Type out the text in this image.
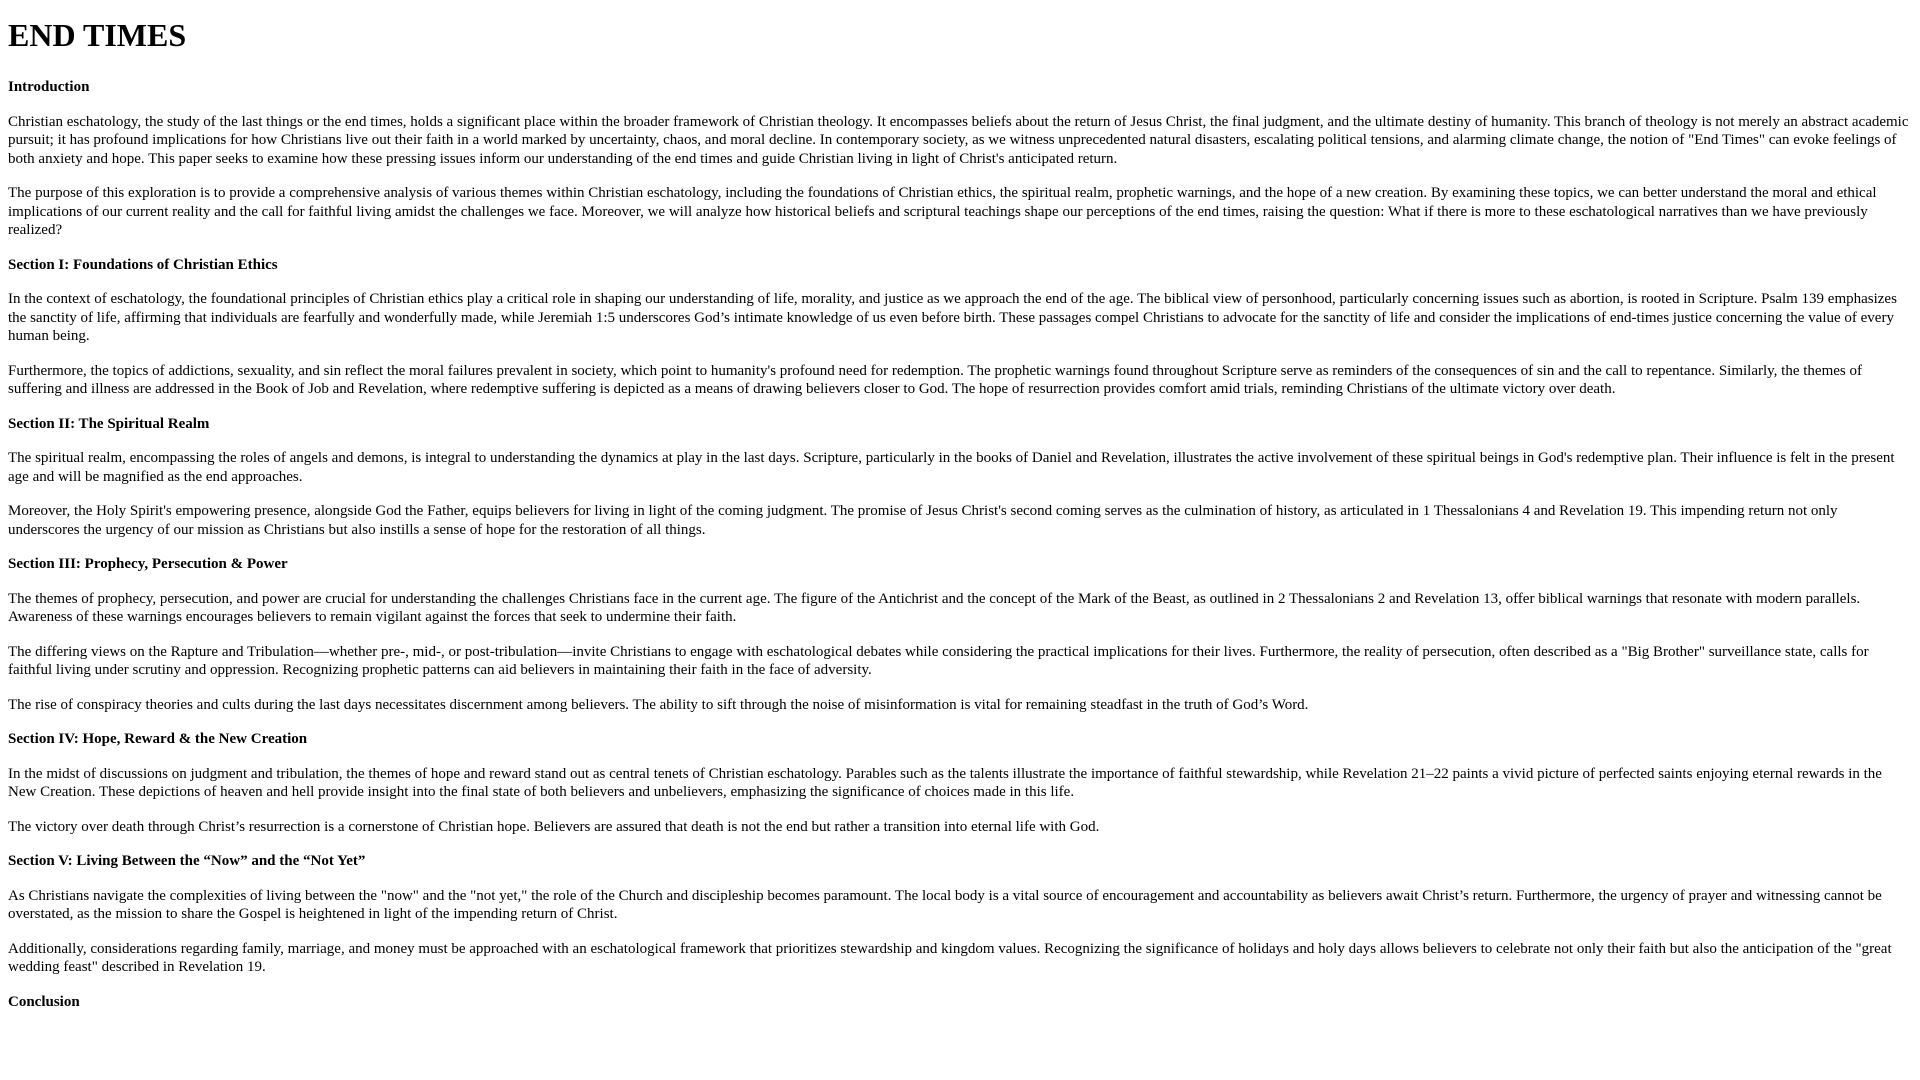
END TIMES

Introduction

Christian eschatology, the study of the last things or the end times, holds a significant place within the broader framework of Christian theology. It encompasses beliefs about the return of Jesus Christ, the final judgment, and the ultimate destiny of humanity. This branch of theology is not merely an abstract academic pursuit; it has profound implications for how Christians live out their faith in a world marked by uncertainty, chaos, and moral decline. In contemporary society, as we witness unprecedented natural disasters, escalating political tensions, and alarming climate change, the notion of "End Times" can evoke feelings of both anxiety and hope. This paper seeks to examine how these pressing issues inform our understanding of the end times and guide Christian living in light of Christ's anticipated return.

The purpose of this exploration is to provide a comprehensive analysis of various themes within Christian eschatology, including the foundations of Christian ethics, the spiritual realm, prophetic warnings, and the hope of a new creation. By examining these topics, we can better understand the moral and ethical implications of our current reality and the call for faithful living amidst the challenges we face. Moreover, we will analyze how historical beliefs and scriptural teachings shape our perceptions of the end times, raising the question: What if there is more to these eschatological narratives than we have previously realized?

Section I: Foundations of Christian Ethics

In the context of eschatology, the foundational principles of Christian ethics play a critical role in shaping our understanding of life, morality, and justice as we approach the end of the age. The biblical view of personhood, particularly concerning issues such as abortion, is rooted in Scripture. Psalm 139 emphasizes the sanctity of life, affirming that individuals are fearfully and wonderfully made, while Jeremiah 1:5 underscores God’s intimate knowledge of us even before birth. These passages compel Christians to advocate for the sanctity of life and consider the implications of end-times justice concerning the value of every human being.

Furthermore, the topics of addictions, sexuality, and sin reflect the moral failures prevalent in society, which point to humanity's profound need for redemption. The prophetic warnings found throughout Scripture serve as reminders of the consequences of sin and the call to repentance. Similarly, the themes of suffering and illness are addressed in the Book of Job and Revelation, where redemptive suffering is depicted as a means of drawing believers closer to God. The hope of resurrection provides comfort amid trials, reminding Christians of the ultimate victory over death.

Section II: The Spiritual Realm

The spiritual realm, encompassing the roles of angels and demons, is integral to understanding the dynamics at play in the last days. Scripture, particularly in the books of Daniel and Revelation, illustrates the active involvement of these spiritual beings in God's redemptive plan. Their influence is felt in the present age and will be magnified as the end approaches.

Moreover, the Holy Spirit's empowering presence, alongside God the Father, equips believers for living in light of the coming judgment. The promise of Jesus Christ's second coming serves as the culmination of history, as articulated in 1 Thessalonians 4 and Revelation 19. This impending return not only underscores the urgency of our mission as Christians but also instills a sense of hope for the restoration of all things.

Section III: Prophecy, Persecution & Power

The themes of prophecy, persecution, and power are crucial for understanding the challenges Christians face in the current age. The figure of the Antichrist and the concept of the Mark of the Beast, as outlined in 2 Thessalonians 2 and Revelation 13, offer biblical warnings that resonate with modern parallels. Awareness of these warnings encourages believers to remain vigilant against the forces that seek to undermine their faith.

The differing views on the Rapture and Tribulation—whether pre-, mid-, or post-tribulation—invite Christians to engage with eschatological debates while considering the practical implications for their lives. Furthermore, the reality of persecution, often described as a "Big Brother" surveillance state, calls for faithful living under scrutiny and oppression. Recognizing prophetic patterns can aid believers in maintaining their faith in the face of adversity.

The rise of conspiracy theories and cults during the last days necessitates discernment among believers. The ability to sift through the noise of misinformation is vital for remaining steadfast in the truth of God’s Word.

Section IV: Hope, Reward & the New Creation

In the midst of discussions on judgment and tribulation, the themes of hope and reward stand out as central tenets of Christian eschatology. Parables such as the talents illustrate the importance of faithful stewardship, while Revelation 21–22 paints a vivid picture of perfected saints enjoying eternal rewards in the New Creation. These depictions of heaven and hell provide insight into the final state of both believers and unbelievers, emphasizing the significance of choices made in this life.

The victory over death through Christ’s resurrection is a cornerstone of Christian hope. Believers are assured that death is not the end but rather a transition into eternal life with God.

Section V: Living Between the “Now” and the “Not Yet”

As Christians navigate the complexities of living between the "now" and the "not yet," the role of the Church and discipleship becomes paramount. The local body is a vital source of encouragement and accountability as believers await Christ’s return. Furthermore, the urgency of prayer and witnessing cannot be overstated, as the mission to share the Gospel is heightened in light of the impending return of Christ.

Additionally, considerations regarding family, marriage, and money must be approached with an eschatological framework that prioritizes stewardship and kingdom values. Recognizing the significance of holidays and holy days allows believers to celebrate not only their faith but also the anticipation of the "great wedding feast" described in Revelation 19.

Conclusion
